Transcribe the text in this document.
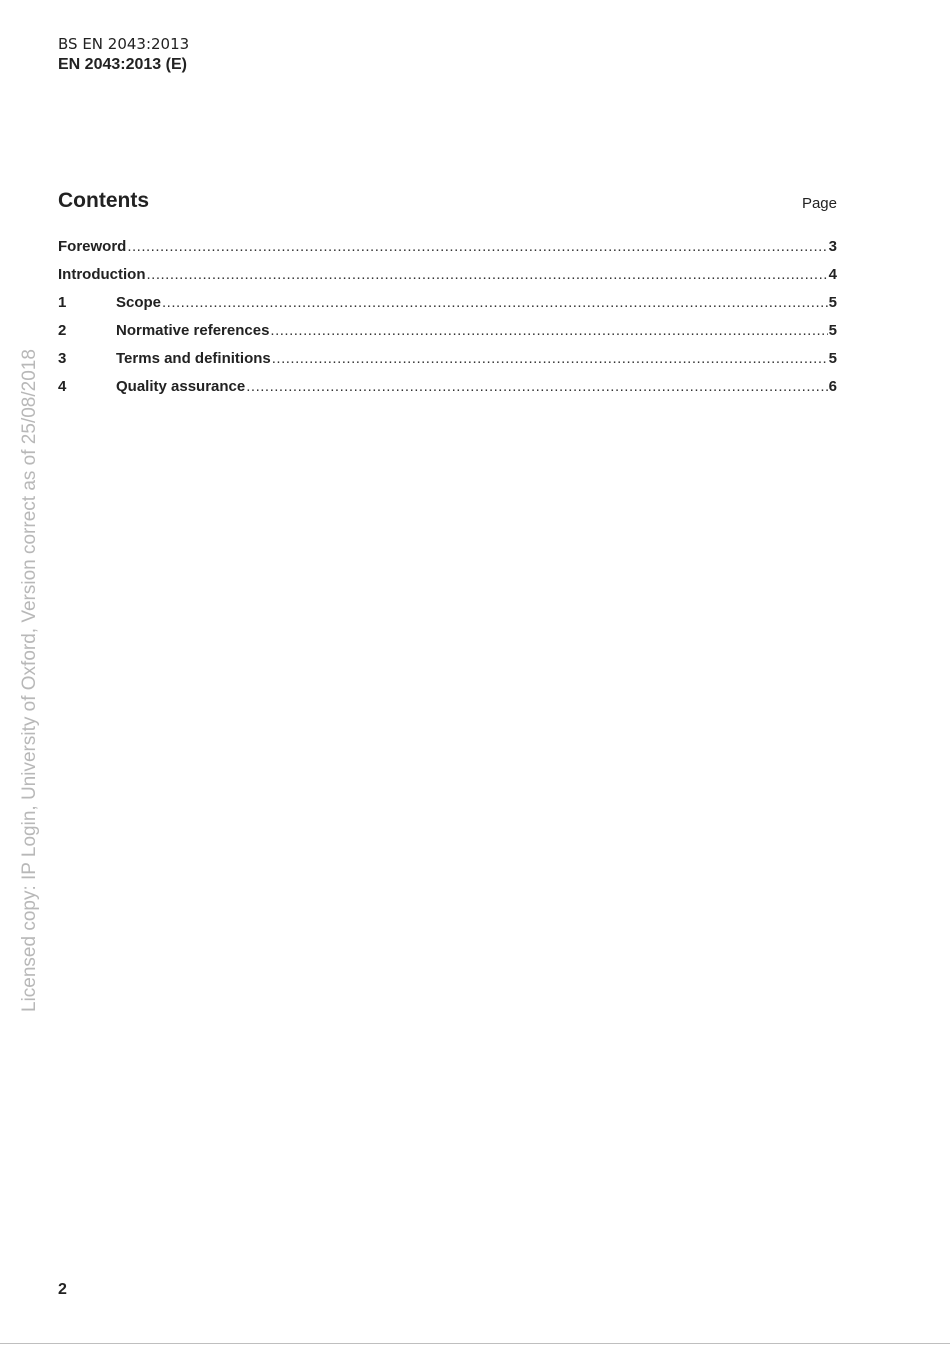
BS EN 2043:2013
EN 2043:2013 (E)
Contents	Page
Foreword .....	3
Introduction .....	4
1	Scope .....	5
2	Normative references .....	5
3	Terms and definitions .....	5
4	Quality assurance .....	6
Licensed copy: IP Login, University of Oxford, Version correct as of 25/08/2018
2
